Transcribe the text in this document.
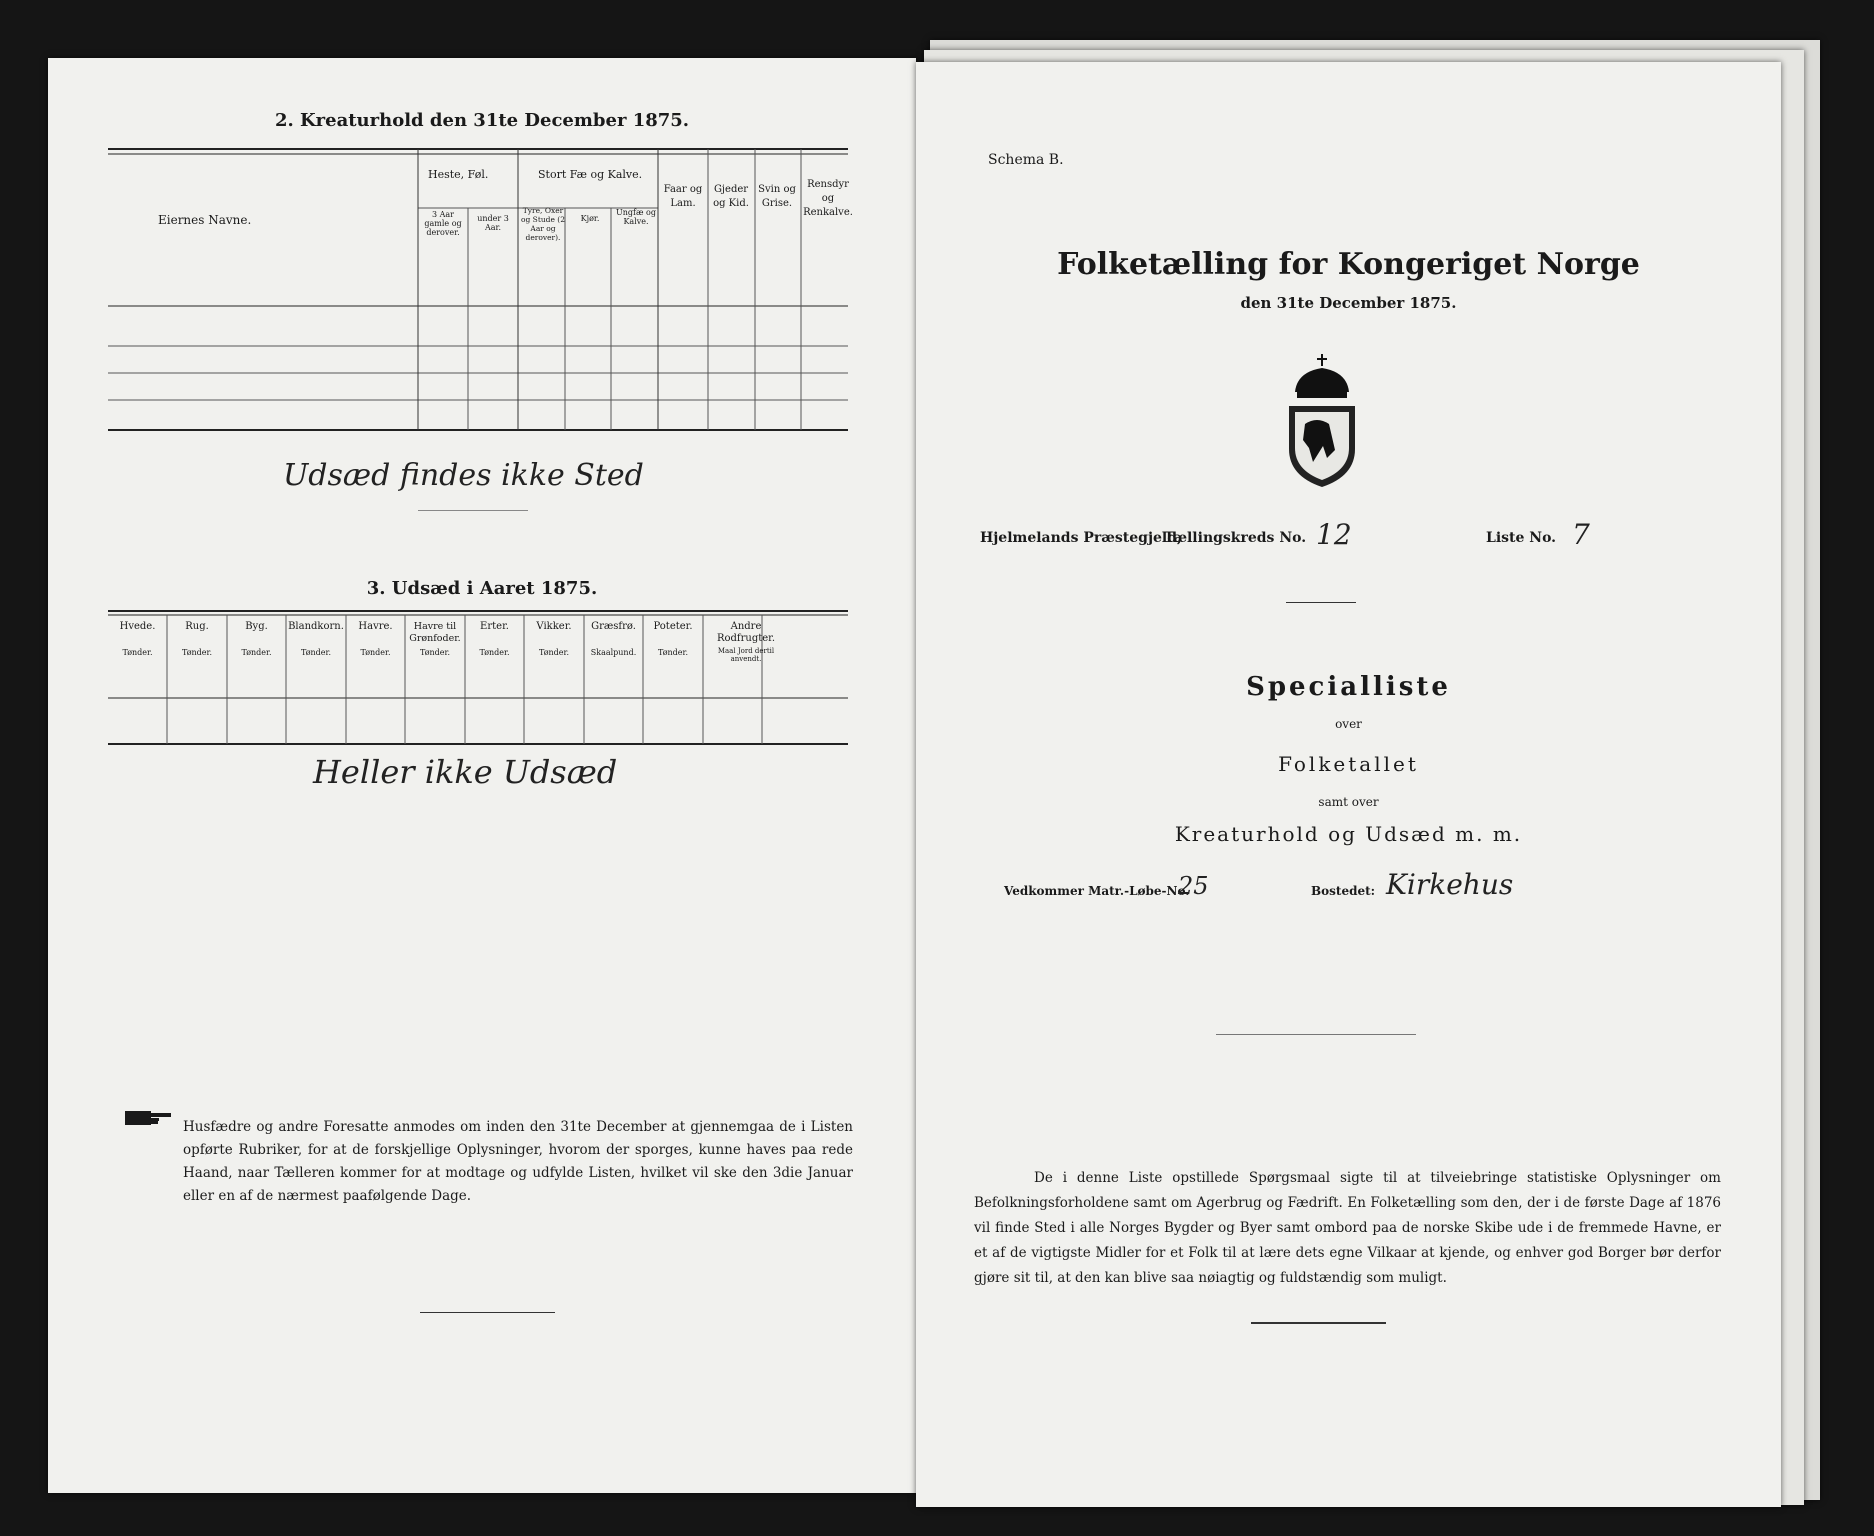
2. Kreaturhold den 31te December 1875.
Eiernes Navne.
Heste, Føl.
3 Aar gamle og derover.
under 3 Aar.
Stort Fæ og Kalve.
Tyre, Oxer og Stude (2 Aar og derover).
Kjør.
Ungfæ og Kalve.
Faar og Lam.
Gjeder og Kid.
Svin og Grise.
Rensdyr og Renkalve.
Udsæd findes ikke Sted
3. Udsæd i Aaret 1875.
Hvede.
Tønder.
Rug.
Tønder.
Byg.
Tønder.
Blandkorn.
Tønder.
Havre.
Tønder.
Havre til Grønfoder.
Tønder.
Erter.
Tønder.
Vikker.
Tønder.
Græsfrø.
Skaalpund.
Poteter.
Tønder.
Andre Rodfrugter.
Maal Jord dertil anvendt.
Heller ikke Udsæd
Husfædre og andre Foresatte anmodes om inden den 31te December at gjennemgaa de i Listen opførte Rubriker, for at de forskjellige Oplysninger, hvorom der sporges, kunne haves paa rede Haand, naar Tælleren kommer for at modtage og udfylde Listen, hvilket vil ske den 3die Januar eller en af de nærmest paafølgende Dage.
Schema B.
Folketælling for Kongeriget Norge
den 31te December 1875.
Hjelmelands Præstegjeld,
Tællingskreds No. 12	Liste No. 7
Specialliste
over
Folketallet
samt over
Kreaturhold og Udsæd m. m.
Vedkommer Matr.-Løbe-No.
25	Bostedet: Kirkehus
De i denne Liste opstillede Spørgsmaal sigte til at tilveiebringe statistiske Oplysninger om Befolkningsforholdene samt om Agerbrug og Fædrift. En Folketælling som den, der i de første Dage af 1876 vil finde Sted i alle Norges Bygder og Byer samt ombord paa de norske Skibe ude i de fremmede Havne, er et af de vigtigste Midler for et Folk til at lære dets egne Vilkaar at kjende, og enhver god Borger bør derfor gjøre sit til, at den kan blive saa nøiagtig og fuldstændig som muligt.
